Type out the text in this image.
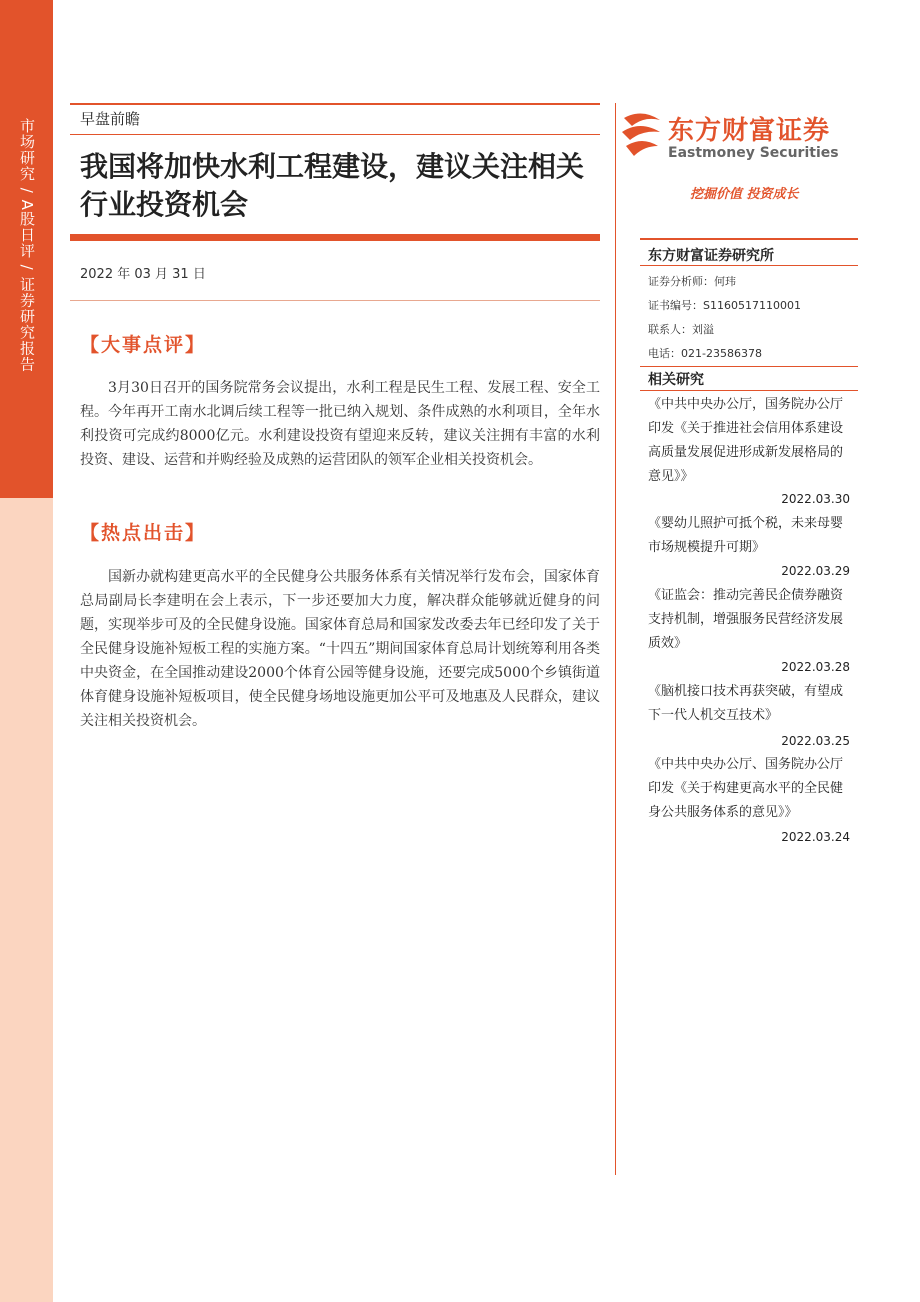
市场研究 / A股日评 / 证券研究报告	早盘前瞻
我国将加快水利工程建设，建议关注相关行业投资机会
2022 年 03 月 31 日
【大事点评】
3月30日召开的国务院常务会议提出，水利工程是民生工程、发展工程、安全工程。今年再开工南水北调后续工程等一批已纳入规划、条件成熟的水利项目，全年水利投资可完成约8000亿元。水利建设投资有望迎来反转，建议关注拥有丰富的水利投资、建设、运营和并购经验及成熟的运营团队的领军企业相关投资机会。
【热点出击】
国新办就构建更高水平的全民健身公共服务体系有关情况举行发布会，国家体育总局副局长李建明在会上表示，下一步还要加大力度，解决群众能够就近健身的问题，实现举步可及的全民健身设施。国家体育总局和国家发改委去年已经印发了关于全民健身设施补短板工程的实施方案。“十四五”期间国家体育总局计划统筹利用各类中央资金，在全国推动建设2000个体育公园等健身设施，还要完成5000个乡镇街道体育健身设施补短板项目，使全民健身场地设施更加公平可及地惠及人民群众，建议关注相关投资机会。
东方财富证券
Eastmoney Securities
挖掘价值 投资成长
东方财富证券研究所
证券分析师：何玮
证书编号：S1160517110001
联系人：刘溢
电话：021-23586378
相关研究
《中共中央办公厅，国务院办公厅印发《关于推进社会信用体系建设高质量发展促进形成新发展格局的意见》》
2022.03.30
《婴幼儿照护可抵个税，未来母婴市场规模提升可期》
2022.03.29
《证监会：推动完善民企债券融资支持机制，增强服务民营经济发展质效》
2022.03.28
《脑机接口技术再获突破，有望成下一代人机交互技术》
2022.03.25
《中共中央办公厅、国务院办公厅印发《关于构建更高水平的全民健身公共服务体系的意见》》
2022.03.24
